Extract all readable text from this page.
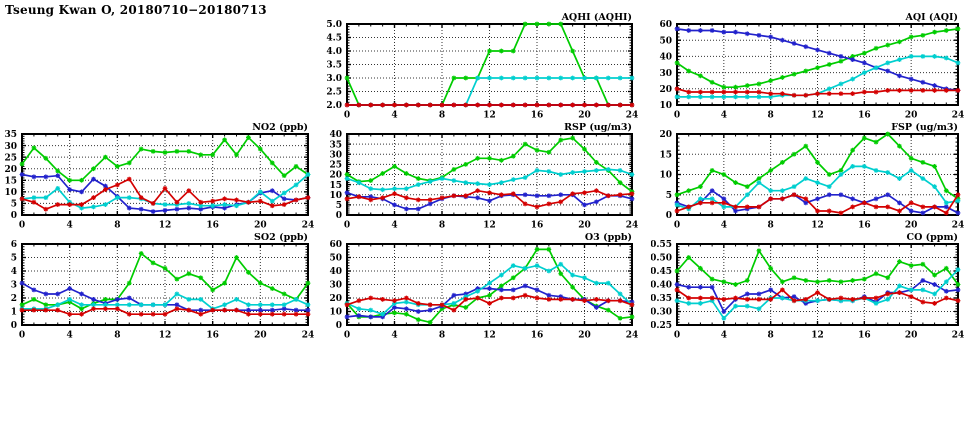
Tseung Kwan O, 20180710−20180713
2.0
2.5
3.0
3.5
4.0
4.5
5.0
0	4	8	12	16	20	24
AQHI (AQHI)
10
20
30
40
50
60
0	4	8	12	16	20	24
AQI (AQI)
0
5
10
15
20
25
30
35
0	4	8	12	16	20	24
NO2 (ppb)
0
5
10
15
20
25
30
35
40
0	4	8	12	16	20	24
RSP (ug/m3)
0
5
10
15
20
0	4	8	12	16	20	24
FSP (ug/m3)
0
1
2
3
4
5
6
0	4	8	12	16	20	24
SO2 (ppb)
0
10
20
30
40
50
60
0	4	8	12	16	20	24
O3 (ppb)
0.25
0.30
0.35
0.40
0.45
0.50
0.55
0	4	8	12	16	20	24
CO (ppm)
